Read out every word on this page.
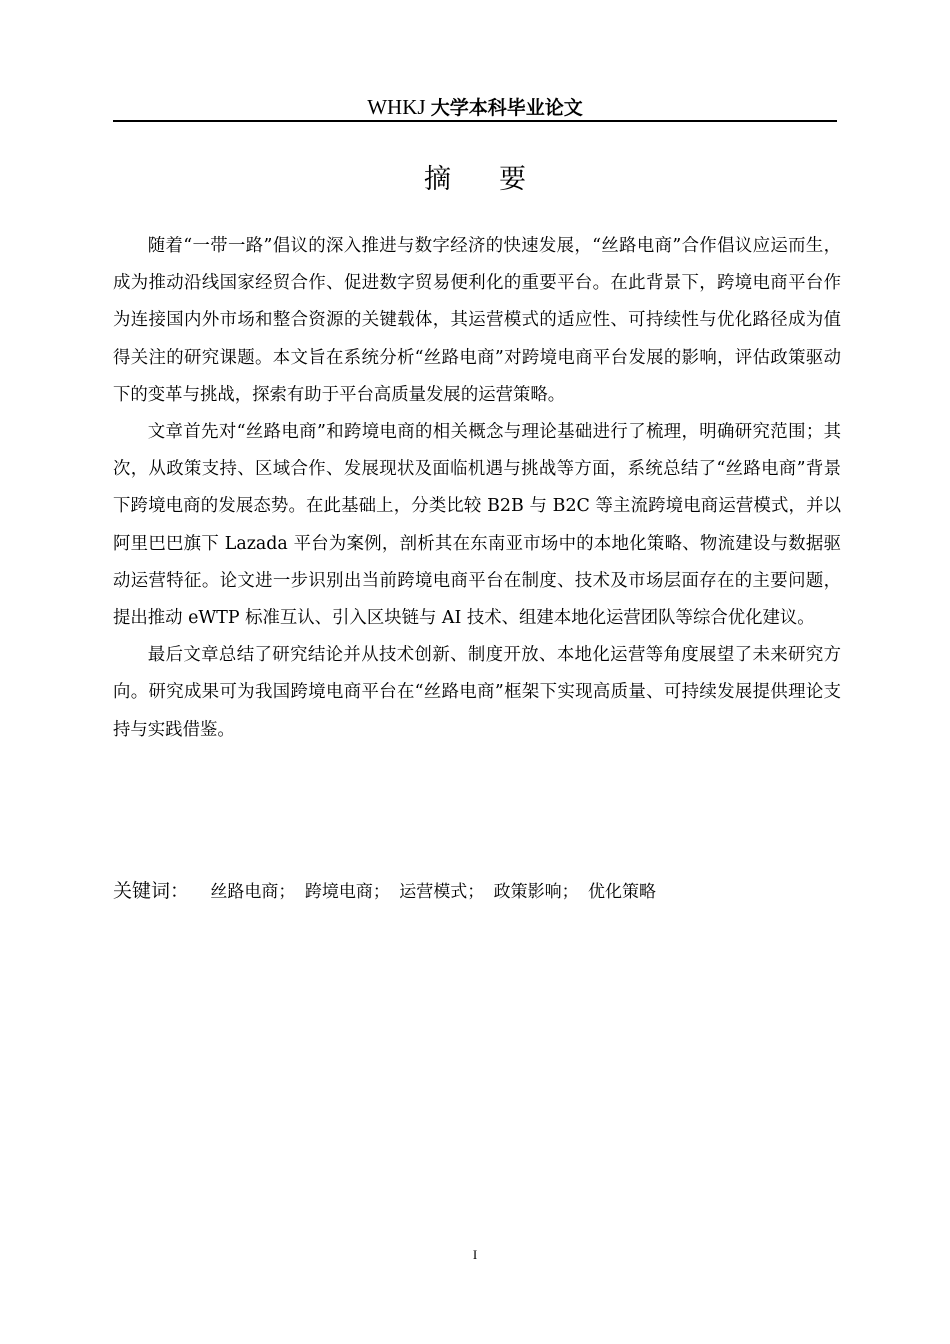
WHKJ 大学本科毕业论文
摘要

随着“一带一路”倡议的深入推进与数字经济的快速发展，“丝路电商”合作倡议应运而生，成为推动沿线国家经贸合作、促进数字贸易便利化的重要平台。在此背景下，跨境电商平台作为连接国内外市场和整合资源的关键载体，其运营模式的适应性、可持续性与优化路径成为值得关注的研究课题。本文旨在系统分析“丝路电商”对跨境电商平台发展的影响，评估政策驱动下的变革与挑战，探索有助于平台高质量发展的运营策略。

文章首先对“丝路电商”和跨境电商的相关概念与理论基础进行了梳理，明确研究范围；其次，从政策支持、区域合作、发展现状及面临机遇与挑战等方面，系统总结了“丝路电商”背景下跨境电商的发展态势。在此基础上，分类比较 B2B 与 B2C 等主流跨境电商运营模式，并以阿里巴巴旗下 Lazada 平台为案例，剖析其在东南亚市场中的本地化策略、物流建设与数据驱动运营特征。论文进一步识别出当前跨境电商平台在制度、技术及市场层面存在的主要问题，提出推动 eWTP 标准互认、引入区块链与 AI 技术、组建本地化运营团队等综合优化建议。

最后文章总结了研究结论并从技术创新、制度开放、本地化运营等角度展望了未来研究方向。研究成果可为我国跨境电商平台在“丝路电商”框架下实现高质量、可持续发展提供理论支持与实践借鉴。

关键词： 丝路电商； 跨境电商； 运营模式； 政策影响； 优化策略
I
